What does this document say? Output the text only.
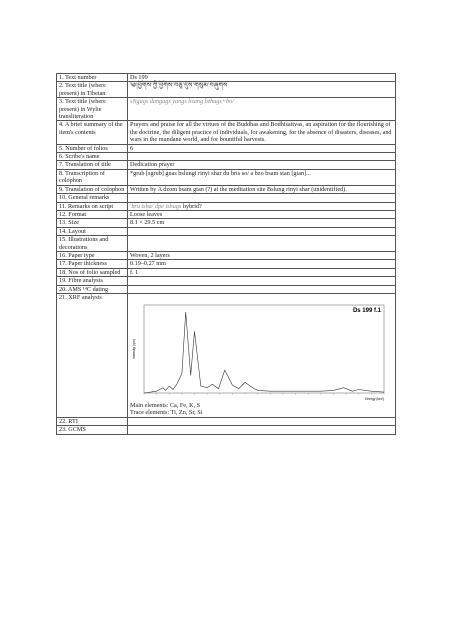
1. Text number	Ds 199
2. Text title (where present) in Tibetan	༄།ཕྱོགས་ཀྱི་ཕྱོགས་བཅུ་དུས་གསུམ་བཞུགས
3. Text title (where present) in Wylie transliteration	sNgags dangags yangs bsang bzhugs+bo/
4. A brief summary of the item's contents	Prayers and praise for all the virtues of the Buddhas and Bodhisattvas, an aspiration for the flourishing of the doctrine, the diligent practice of individuals, for awakening, for the absence of disasters, diseases, and wars in the mundane world, and for bountiful harvests.
5. Number of folios	6
6. Scribe's name	
7. Translation of title	Dedication prayer
8. Transcription of colophon	*grub [sgrub] gnas bslungi rinyi shar du bris so/ a bzo bsam stan [gtan]...
9. Translation of colophon	Written by A dzom bsam gtan (?) at the meditation site Bslung rinyi shar (unidentified).
10. General remarks	
11. Remarks on script	'bru tsha/ dpe tshugs hybrid?
12. Format	Loose leaves
13. Size	8.1 × 29.5 cm
14. Layout	
15. Illustrations and decorations	
16. Paper type	Woven, 2 layers
17. Paper thickness	0.19–0.27 mm
18. Nos of folio sampled	f. 1
19. Fibre analysis	
20. AMS ¹⁴C dating	
21. XRF analysis	Ds 199 f.1
Energy (keV)
Intensity (cps)
Main elements: Ca, Fe, K, S
Trace elements: Ti, Zn, Sr, Si

22. RTI	
23. GCMS	
